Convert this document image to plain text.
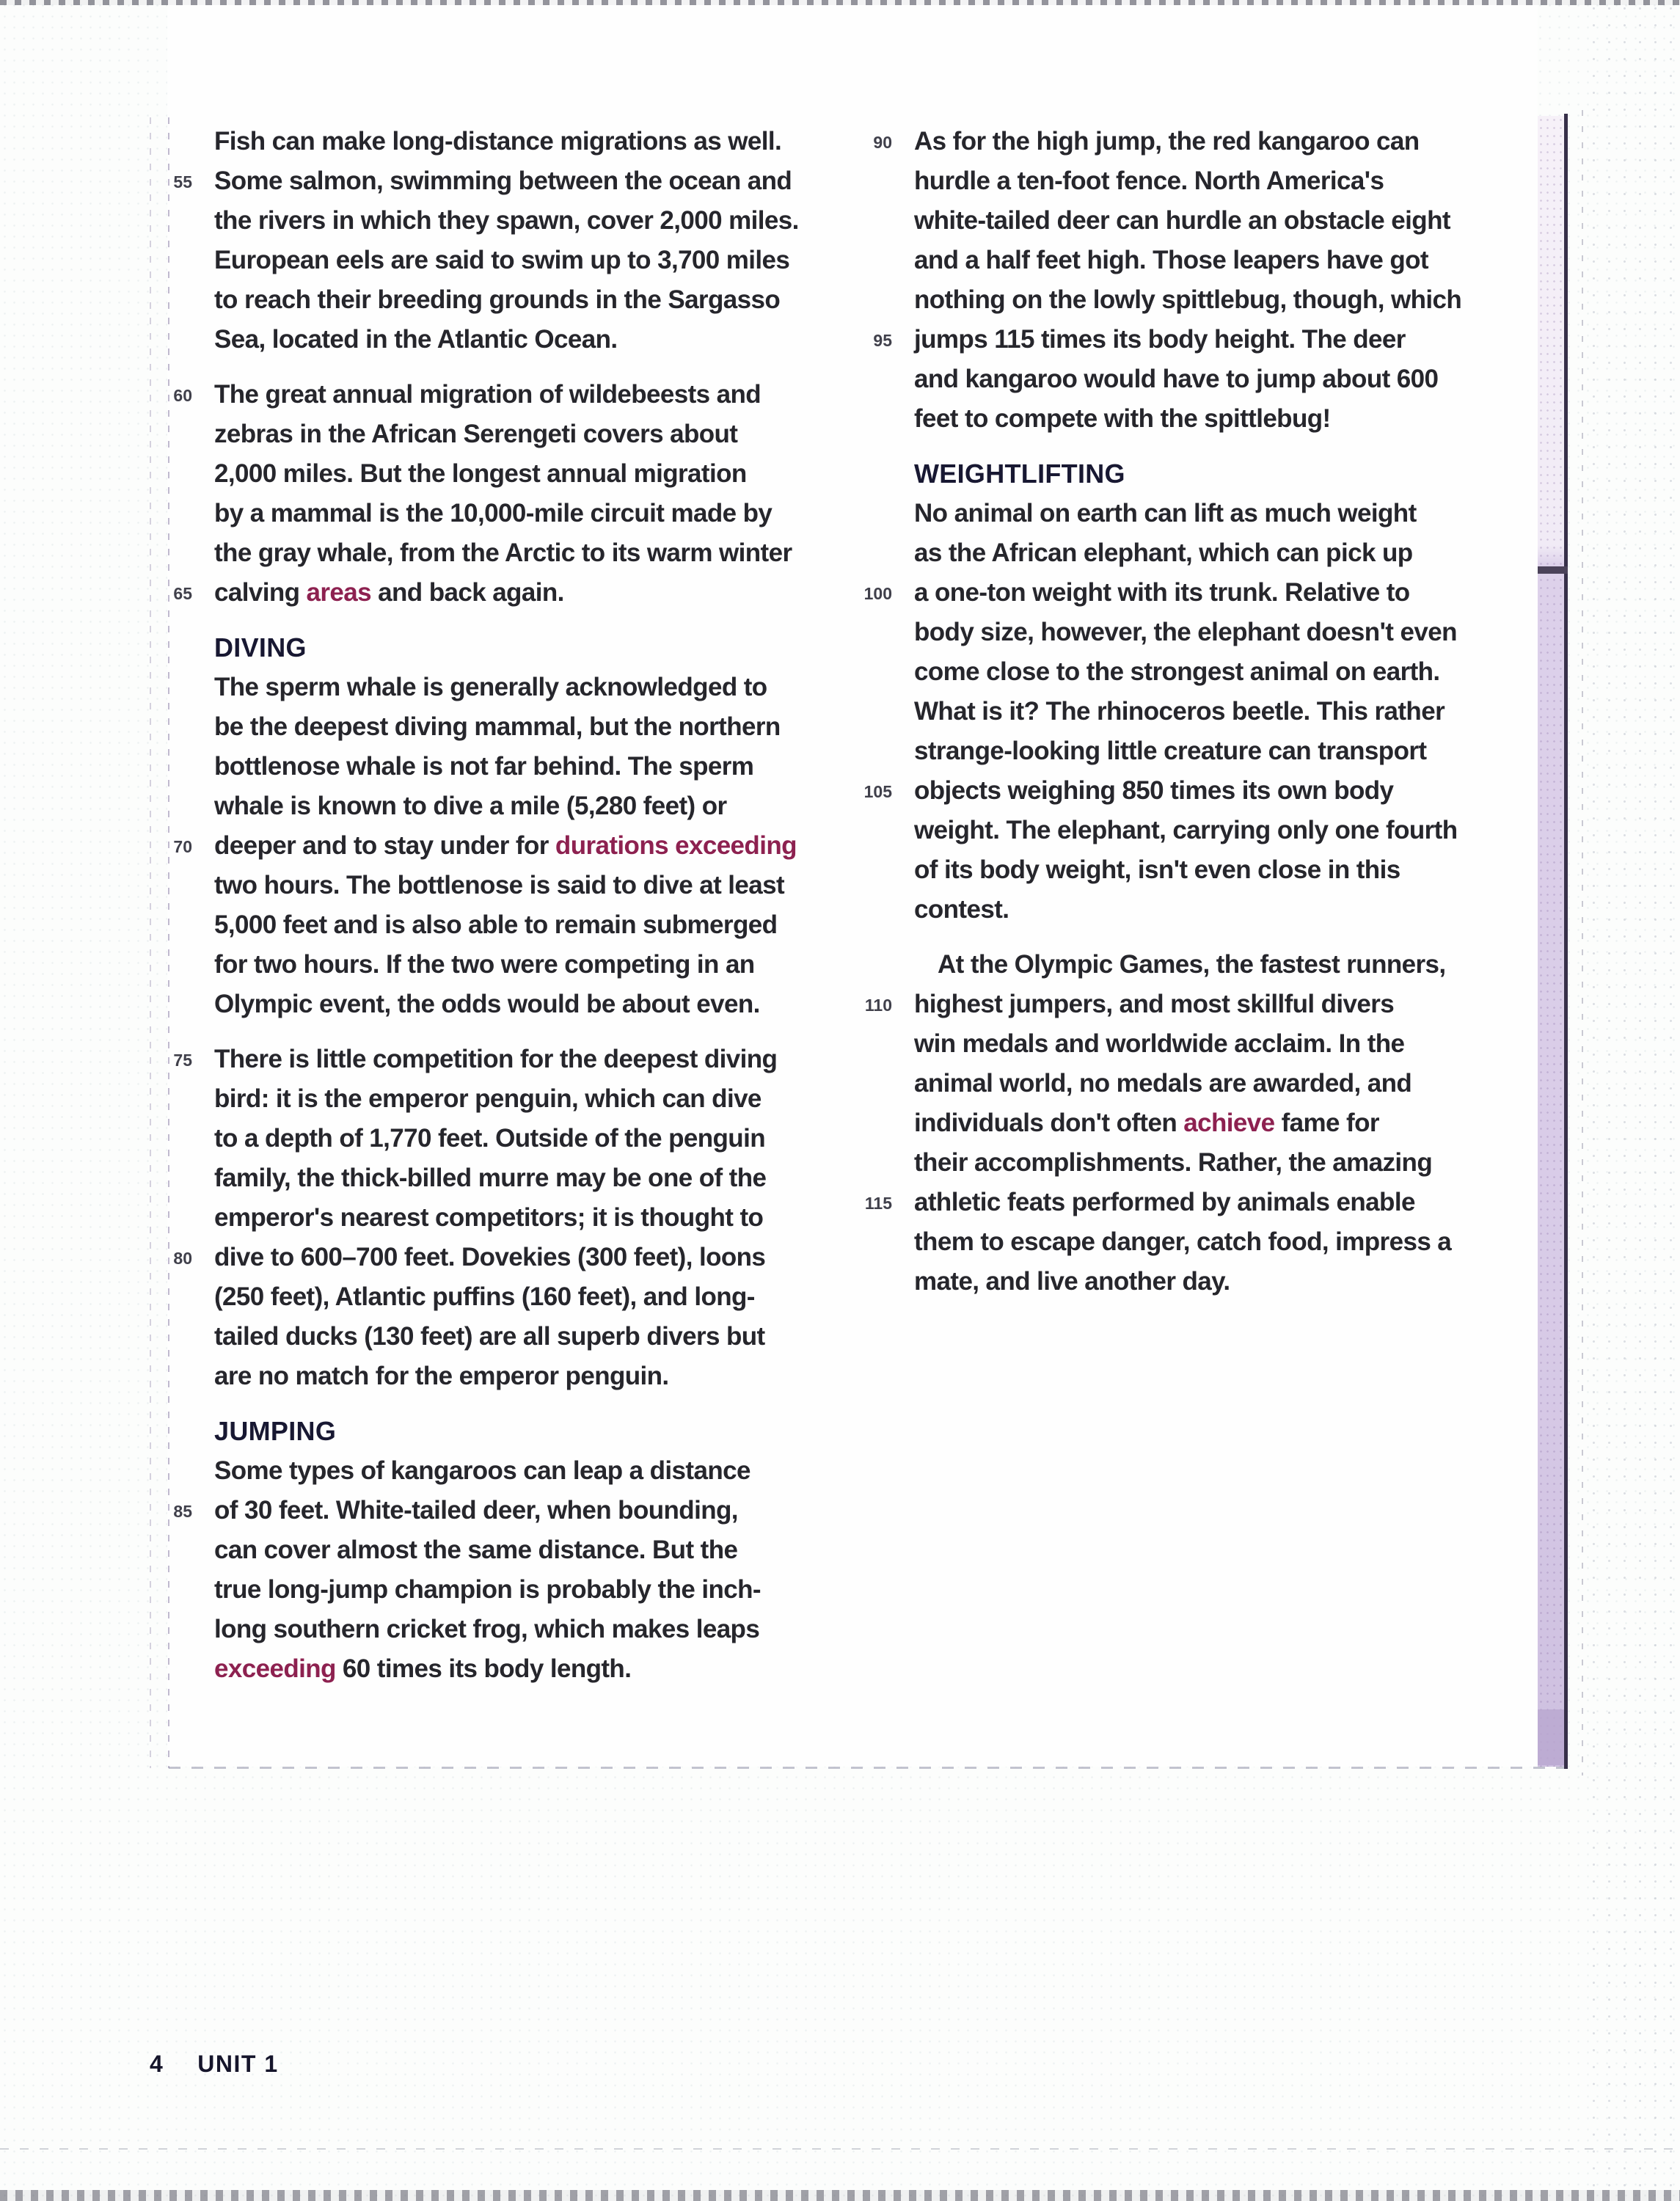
Fish can make long-distance migrations as well.
55 Some salmon, swimming between the ocean and
the rivers in which they spawn, cover 2,000 miles.
European eels are said to swim up to 3,700 miles
to reach their breeding grounds in the Sargasso
Sea, located in the Atlantic Ocean.
60 The great annual migration of wildebeests and
zebras in the African Serengeti covers about
2,000 miles. But the longest annual migration
by a mammal is the 10,000-mile circuit made by
the gray whale, from the Arctic to its warm winter
65 calving areas and back again.
DIVING
The sperm whale is generally acknowledged to
be the deepest diving mammal, but the northern
bottlenose whale is not far behind. The sperm
whale is known to dive a mile (5,280 feet) or
70 deeper and to stay under for durations exceeding
two hours. The bottlenose is said to dive at least
5,000 feet and is also able to remain submerged
for two hours. If the two were competing in an
Olympic event, the odds would be about even.
75 There is little competition for the deepest diving
bird: it is the emperor penguin, which can dive
to a depth of 1,770 feet. Outside of the penguin
family, the thick-billed murre may be one of the
emperor's nearest competitors; it is thought to
80 dive to 600–700 feet. Dovekies (300 feet), loons
(250 feet), Atlantic puffins (160 feet), and long-
tailed ducks (130 feet) are all superb divers but
are no match for the emperor penguin.
JUMPING
Some types of kangaroos can leap a distance
85 of 30 feet. White-tailed deer, when bounding,
can cover almost the same distance. But the
true long-jump champion is probably the inch-
long southern cricket frog, which makes leaps
exceeding 60 times its body length.
90 As for the high jump, the red kangaroo can
hurdle a ten-foot fence. North America's
white-tailed deer can hurdle an obstacle eight
and a half feet high. Those leapers have got
nothing on the lowly spittlebug, though, which
95 jumps 115 times its body height. The deer
and kangaroo would have to jump about 600
feet to compete with the spittlebug!
WEIGHTLIFTING
No animal on earth can lift as much weight
as the African elephant, which can pick up
100 a one-ton weight with its trunk. Relative to
body size, however, the elephant doesn't even
come close to the strongest animal on earth.
What is it? The rhinoceros beetle. This rather
strange-looking little creature can transport
105 objects weighing 850 times its own body
weight. The elephant, carrying only one fourth
of its body weight, isn't even close in this
contest.
At the Olympic Games, the fastest runners,
110 highest jumpers, and most skillful divers
win medals and worldwide acclaim. In the
animal world, no medals are awarded, and
individuals don't often achieve fame for
their accomplishments. Rather, the amazing
115 athletic feats performed by animals enable
them to escape danger, catch food, impress a
mate, and live another day.
4 UNIT 1
